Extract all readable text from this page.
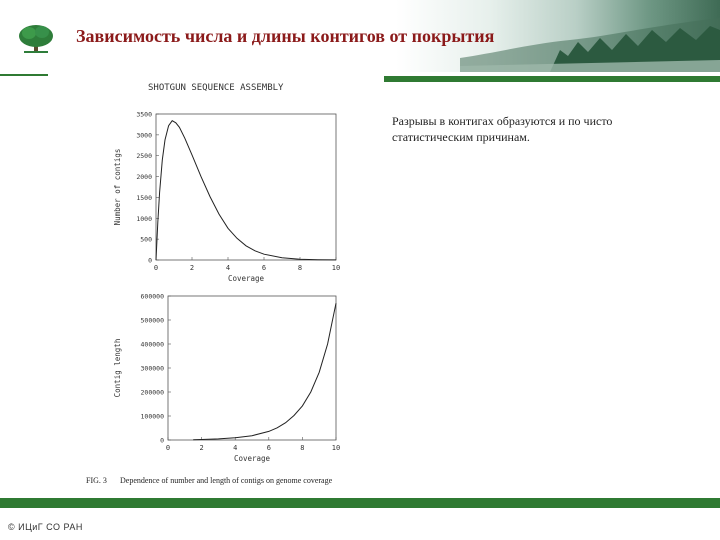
Зависимость числа и длины контигов от покрытия
SHOTGUN SEQUENCE ASSEMBLY
0
500
1000
1500
2000
2500
3000
3500
0	2	4	6	8	10
Coverage
Number of contigs
0
100000
200000
300000
400000
500000
600000
0	2	4	6	8	10
Coverage
Contig length
FIG. 3 Dependence of number and length of contigs on genome coverage
Разрывы в контигах образуются и по чисто статистическим причинам.
© ИЦиГ СО РАН
